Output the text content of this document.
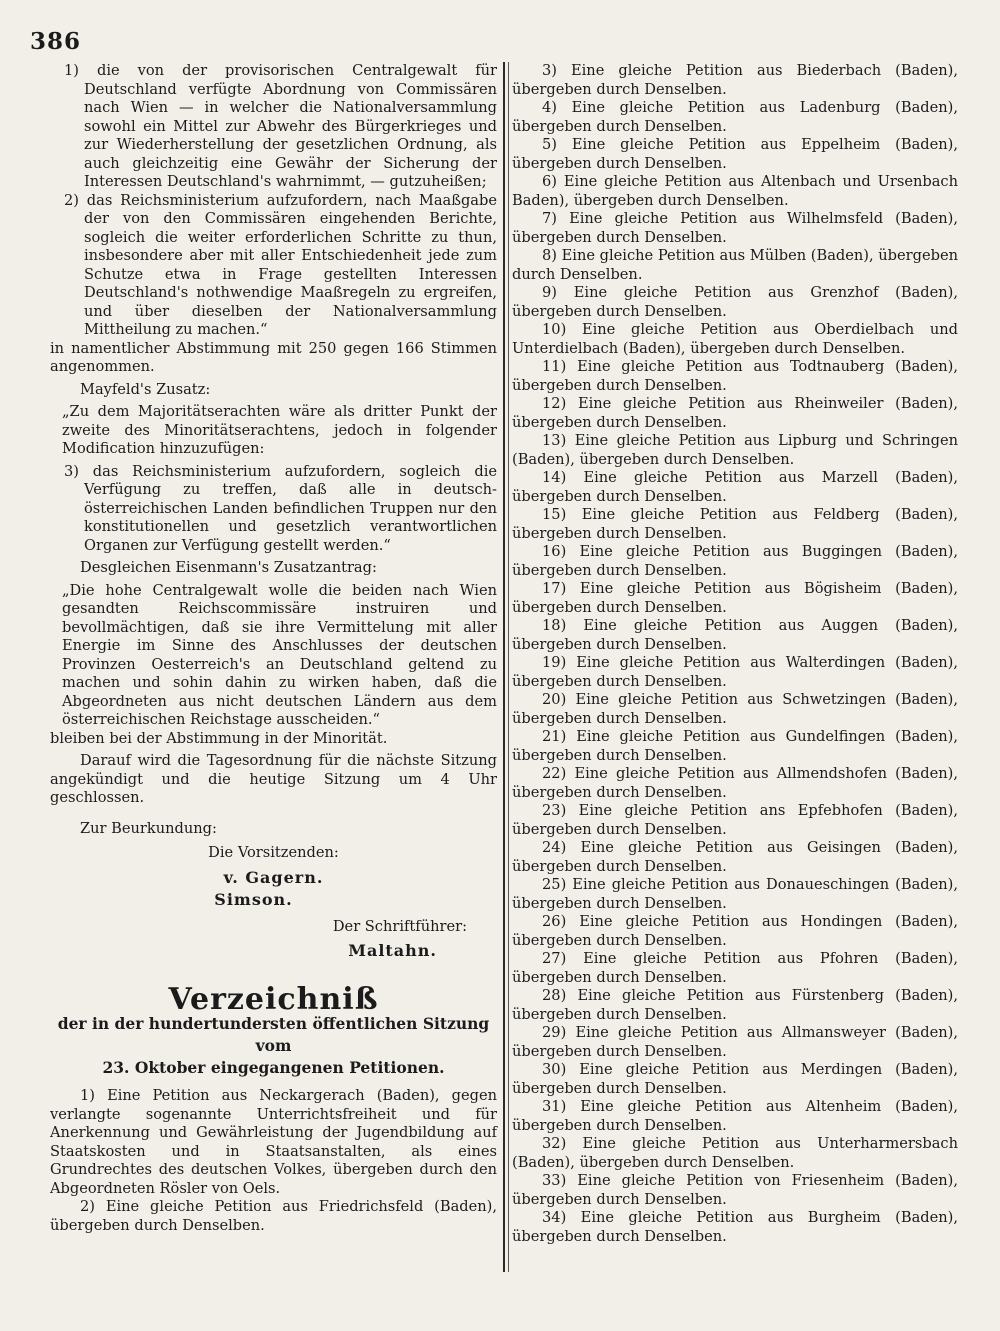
386

1) die von der provisorischen Centralgewalt für Deutschland verfügte Abordnung von Commissären nach Wien — in welcher die Nationalversammlung sowohl ein Mittel zur Abwehr des Bürgerkrieges und zur Wiederherstellung der gesetzlichen Ordnung, als auch gleichzeitig eine Gewähr der Sicherung der Interessen Deutschland's wahrnimmt, — gutzuheißen;

2) das Reichsministerium aufzufordern, nach Maaßgabe der von den Commissären eingehenden Berichte, sogleich die weiter erforderlichen Schritte zu thun, insbesondere aber mit aller Entschiedenheit jede zum Schutze etwa in Frage gestellten Interessen Deutschland's nothwendige Maaßregeln zu ergreifen, und über dieselben der Nationalversammlung Mittheilung zu machen.“

in namentlicher Abstimmung mit 250 gegen 166 Stimmen angenommen.

Mayfeld's Zusatz:

„Zu dem Majoritätserachten wäre als dritter Punkt der zweite des Minoritätserachtens, jedoch in folgender Modification hinzuzufügen:

3) das Reichsministerium aufzufordern, sogleich die Verfügung zu treffen, daß alle in deutsch-österreichischen Landen befindlichen Truppen nur den konstitutionellen und gesetzlich verantwortlichen Organen zur Verfügung gestellt werden.“

Desgleichen Eisenmann's Zusatzantrag:

„Die hohe Centralgewalt wolle die beiden nach Wien gesandten Reichscommissäre instruiren und bevollmächtigen, daß sie ihre Vermittelung mit aller Energie im Sinne des Anschlusses der deutschen Provinzen Oesterreich's an Deutschland geltend zu machen und sohin dahin zu wirken haben, daß die Abgeordneten aus nicht deutschen Ländern aus dem österreichischen Reichstage ausscheiden.“

bleiben bei der Abstimmung in der Minorität.

Darauf wird die Tagesordnung für die nächste Sitzung angekündigt und die heutige Sitzung um 4 Uhr geschlossen.

Zur Beurkundung:

Die Vorsitzenden:

v. Gagern.

Simson.

Der Schriftführer:

Maltahn.

Verzeichniß
der in der hundertundersten öffentlichen Sitzung vom
23. Oktober eingegangenen Petitionen.

1) Eine Petition aus Neckargerach (Baden), gegen verlangte sogenannte Unterrichtsfreiheit und für Anerkennung und Gewährleistung der Jugendbildung auf Staatskosten und in Staatsanstalten, als eines Grundrechtes des deutschen Volkes, übergeben durch den Abgeordneten Rösler von Oels.

2) Eine gleiche Petition aus Friedrichsfeld (Baden), übergeben durch Denselben.

3) Eine gleiche Petition aus Biederbach (Baden), übergeben durch Denselben.

4) Eine gleiche Petition aus Ladenburg (Baden), übergeben durch Denselben.

5) Eine gleiche Petition aus Eppelheim (Baden), übergeben durch Denselben.

6) Eine gleiche Petition aus Altenbach und Ursenbach Baden), übergeben durch Denselben.

7) Eine gleiche Petition aus Wilhelmsfeld (Baden), übergeben durch Denselben.

8) Eine gleiche Petition aus Mülben (Baden), übergeben durch Denselben.

9) Eine gleiche Petition aus Grenzhof (Baden), übergeben durch Denselben.

10) Eine gleiche Petition aus Oberdielbach und Unterdielbach (Baden), übergeben durch Denselben.

11) Eine gleiche Petition aus Todtnauberg (Baden), übergeben durch Denselben.

12) Eine gleiche Petition aus Rheinweiler (Baden), übergeben durch Denselben.

13) Eine gleiche Petition aus Lipburg und Schringen (Baden), übergeben durch Denselben.

14) Eine gleiche Petition aus Marzell (Baden), übergeben durch Denselben.

15) Eine gleiche Petition aus Feldberg (Baden), übergeben durch Denselben.

16) Eine gleiche Petition aus Buggingen (Baden), übergeben durch Denselben.

17) Eine gleiche Petition aus Bögisheim (Baden), übergeben durch Denselben.

18) Eine gleiche Petition aus Auggen (Baden), übergeben durch Denselben.

19) Eine gleiche Petition aus Walterdingen (Baden), übergeben durch Denselben.

20) Eine gleiche Petition aus Schwetzingen (Baden), übergeben durch Denselben.

21) Eine gleiche Petition aus Gundelfingen (Baden), übergeben durch Denselben.

22) Eine gleiche Petition aus Allmendshofen (Baden), übergeben durch Denselben.

23) Eine gleiche Petition ans Epfebhofen (Baden), übergeben durch Denselben.

24) Eine gleiche Petition aus Geisingen (Baden), übergeben durch Denselben.

25) Eine gleiche Petition aus Donaueschingen (Baden), übergeben durch Denselben.

26) Eine gleiche Petition aus Hondingen (Baden), übergeben durch Denselben.

27) Eine gleiche Petition aus Pfohren (Baden), übergeben durch Denselben.

28) Eine gleiche Petition aus Fürstenberg (Baden), übergeben durch Denselben.

29) Eine gleiche Petition aus Allmansweyer (Baden), übergeben durch Denselben.

30) Eine gleiche Petition aus Merdingen (Baden), übergeben durch Denselben.

31) Eine gleiche Petition aus Altenheim (Baden), übergeben durch Denselben.

32) Eine gleiche Petition aus Unterharmersbach (Baden), übergeben durch Denselben.

33) Eine gleiche Petition von Friesenheim (Baden), übergeben durch Denselben.

34) Eine gleiche Petition aus Burgheim (Baden), übergeben durch Denselben.
